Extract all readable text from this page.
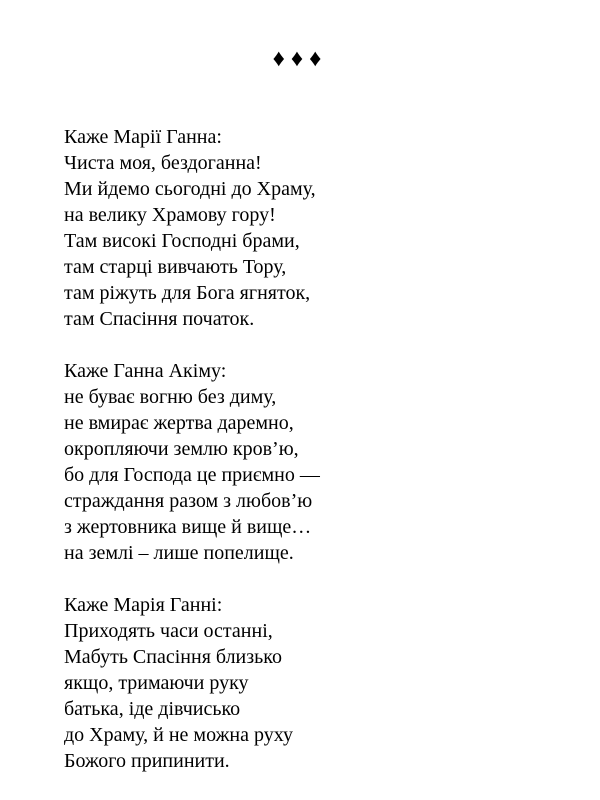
♦♦♦
Каже Марії Ганна:
Чиста моя, бездоганна!
Ми йдемо сьогодні до Храму,
на велику Храмову гору!
Там високі Господні брами,
там старці вивчають Тору,
там ріжуть для Бога ягняток,
там Спасіння початок.
Каже Ганна Акіму:
не буває вогню без диму,
не вмирає жертва даремно,
окропляючи землю кров’ю,
бо для Господа це приємно —
страждання разом з любов’ю
з жертовника вище й вище…
на землі – лише попелище.
Каже Марія Ганні:
Приходять часи останні,
Мабуть Спасіння близько
якщо, тримаючи руку
батька, іде дівчисько
до Храму, й не можна руху
Божого припинити.
